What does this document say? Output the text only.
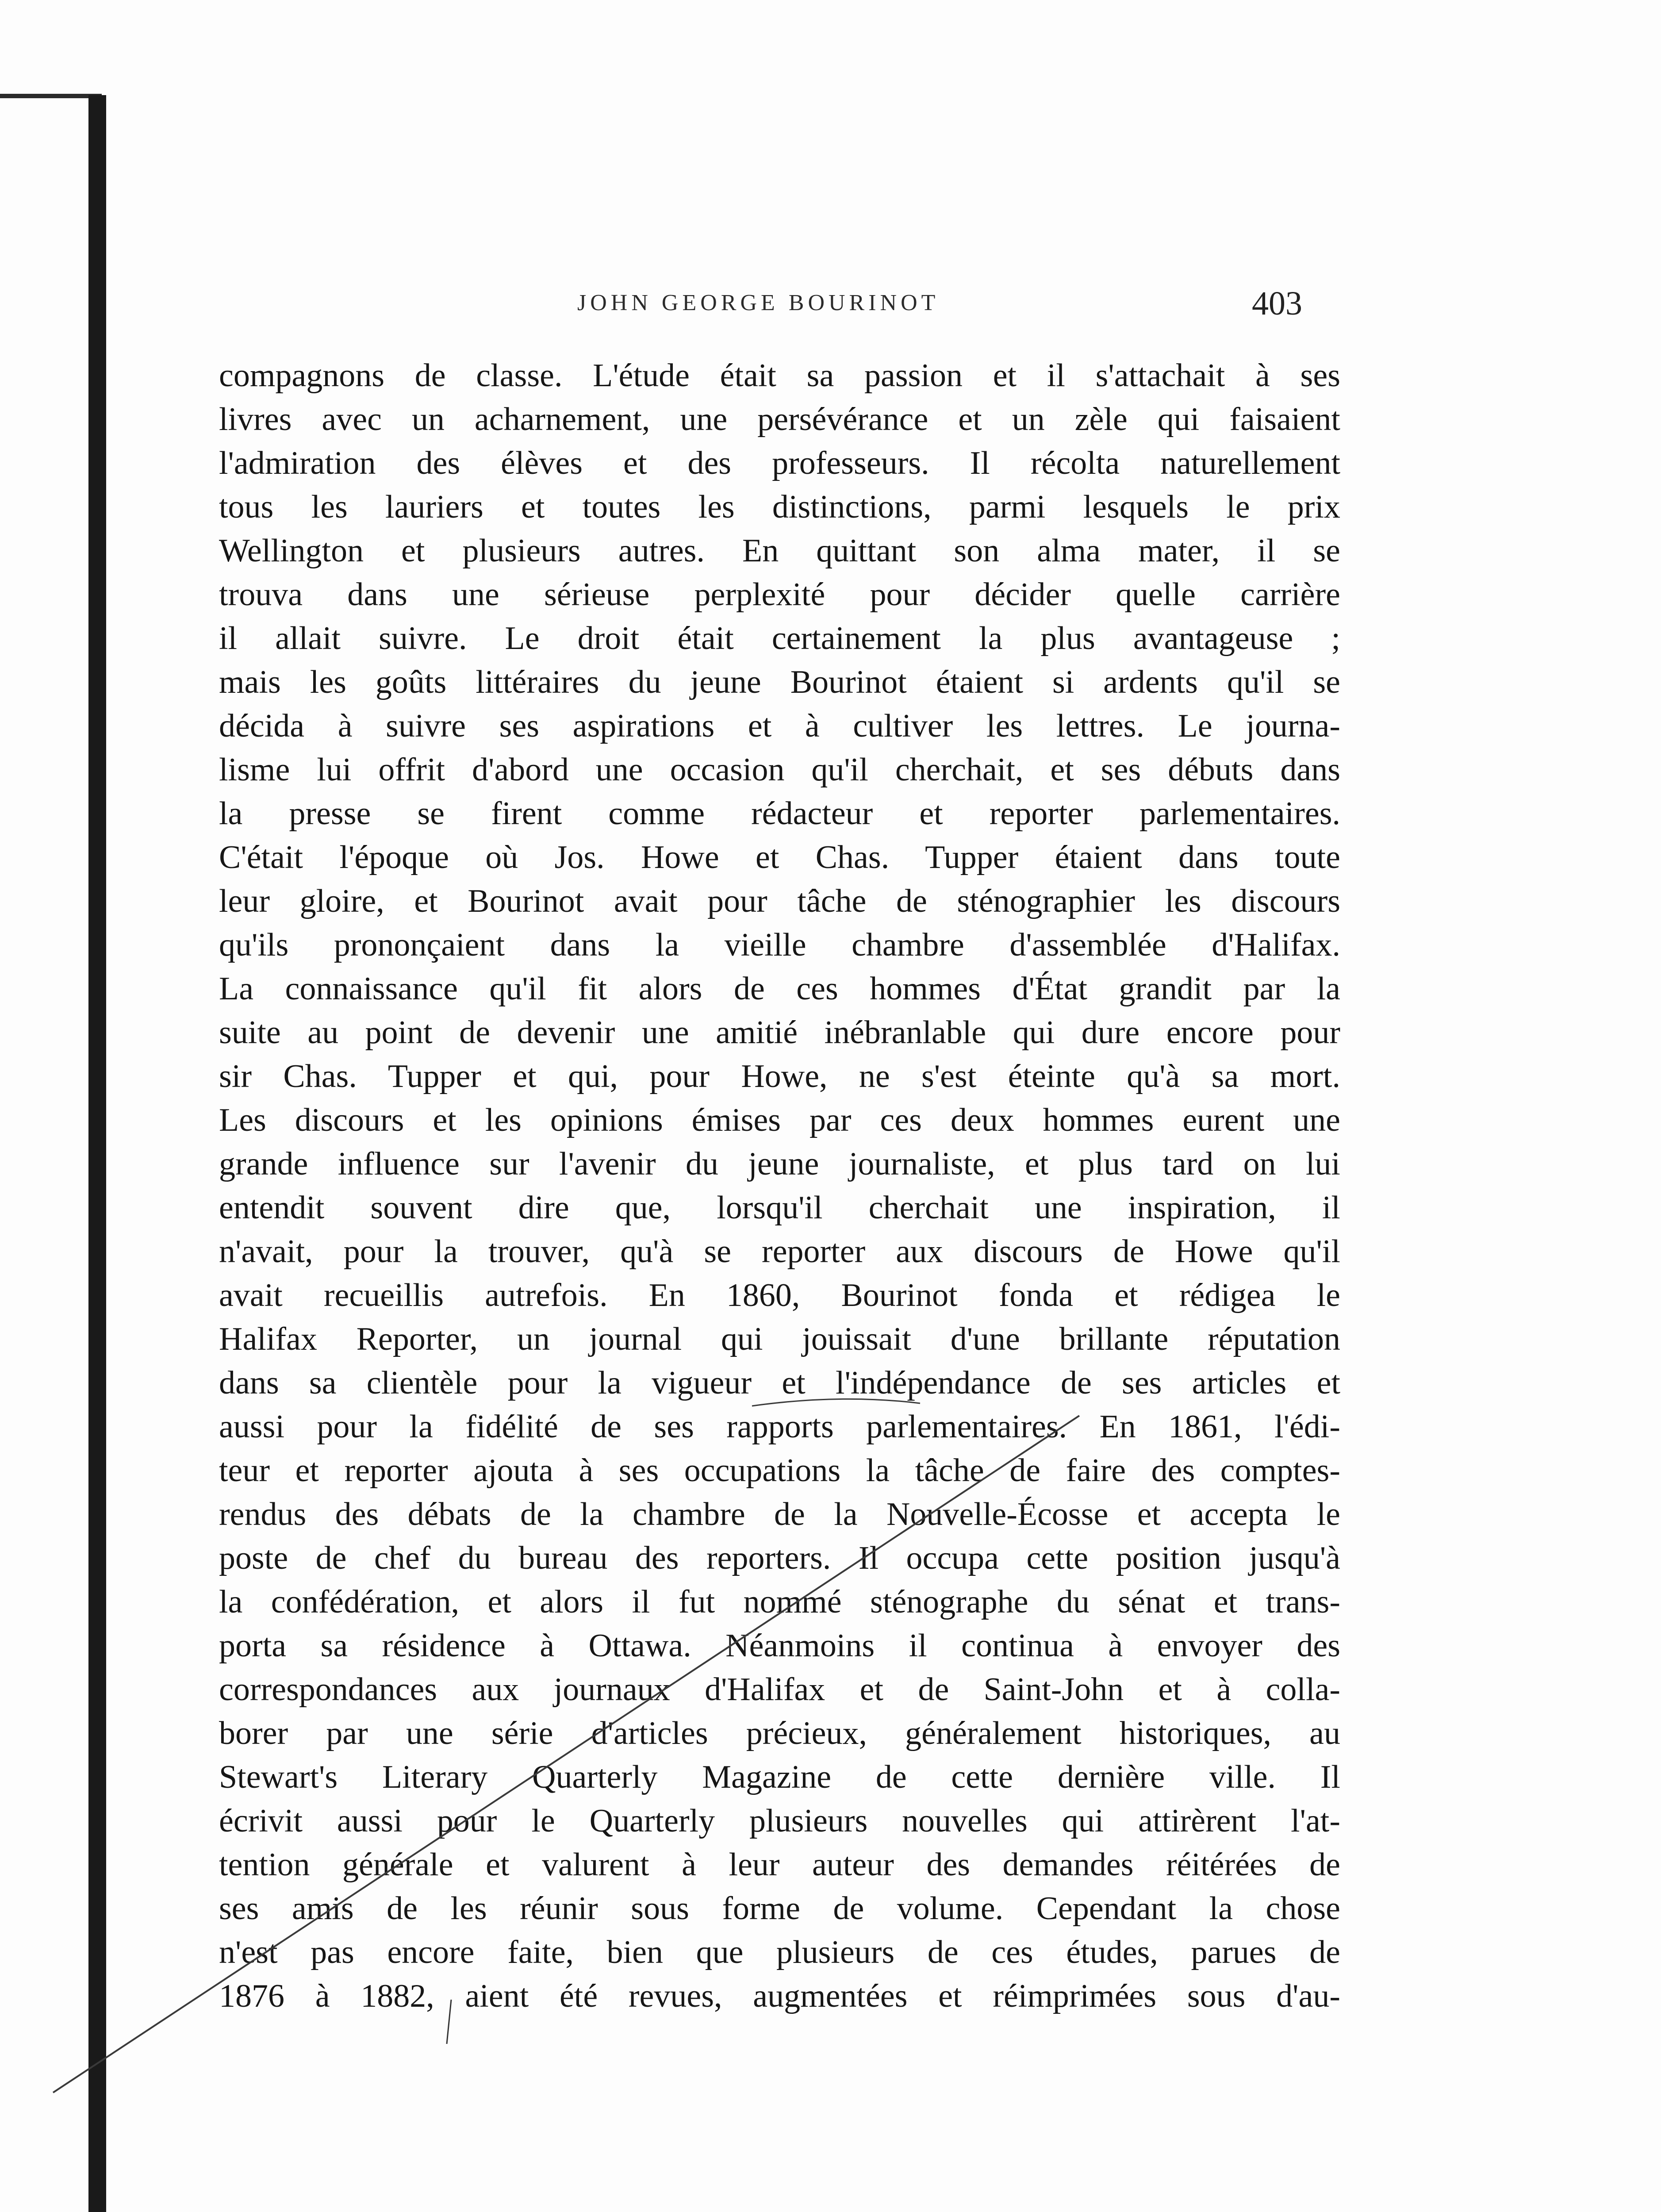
JOHN GEORGE BOURINOT	403
compagnons de classe. L'étude était sa passion et il s'attachait à ses
livres avec un acharnement, une persévérance et un zèle qui faisaient
l'admiration des élèves et des professeurs. Il récolta naturellement
tous les lauriers et toutes les distinctions, parmi lesquels le prix
Wellington et plusieurs autres. En quittant son alma mater, il se
trouva dans une sérieuse perplexité pour décider quelle carrière
il allait suivre. Le droit était certainement la plus avantageuse ;
mais les goûts littéraires du jeune Bourinot étaient si ardents qu'il se
décida à suivre ses aspirations et à cultiver les lettres. Le journa-
lisme lui offrit d'abord une occasion qu'il cherchait, et ses débuts dans
la presse se firent comme rédacteur et reporter parlementaires.
C'était l'époque où Jos. Howe et Chas. Tupper étaient dans toute
leur gloire, et Bourinot avait pour tâche de sténographier les discours
qu'ils prononçaient dans la vieille chambre d'assemblée d'Halifax.
La connaissance qu'il fit alors de ces hommes d'État grandit par la
suite au point de devenir une amitié inébranlable qui dure encore pour
sir Chas. Tupper et qui, pour Howe, ne s'est éteinte qu'à sa mort.
Les discours et les opinions émises par ces deux hommes eurent une
grande influence sur l'avenir du jeune journaliste, et plus tard on lui
entendit souvent dire que, lorsqu'il cherchait une inspiration, il
n'avait, pour la trouver, qu'à se reporter aux discours de Howe qu'il
avait recueillis autrefois. En 1860, Bourinot fonda et rédigea le
Halifax Reporter, un journal qui jouissait d'une brillante réputation
dans sa clientèle pour la vigueur et l'indépendance de ses articles et
aussi pour la fidélité de ses rapports parlementaires. En 1861, l'édi-
teur et reporter ajouta à ses occupations la tâche de faire des comptes-
rendus des débats de la chambre de la Nouvelle-Écosse et accepta le
poste de chef du bureau des reporters. Il occupa cette position jusqu'à
la confédération, et alors il fut nommé sténographe du sénat et trans-
porta sa résidence à Ottawa. Néanmoins il continua à envoyer des
correspondances aux journaux d'Halifax et de Saint-John et à colla-
borer par une série d'articles précieux, généralement historiques, au
Stewart's Literary Quarterly Magazine de cette dernière ville. Il
écrivit aussi pour le Quarterly plusieurs nouvelles qui attirèrent l'at-
tention générale et valurent à leur auteur des demandes réitérées de
ses amis de les réunir sous forme de volume. Cependant la chose
n'est pas encore faite, bien que plusieurs de ces études, parues de
1876 à 1882, aient été revues, augmentées et réimprimées sous d'au-
